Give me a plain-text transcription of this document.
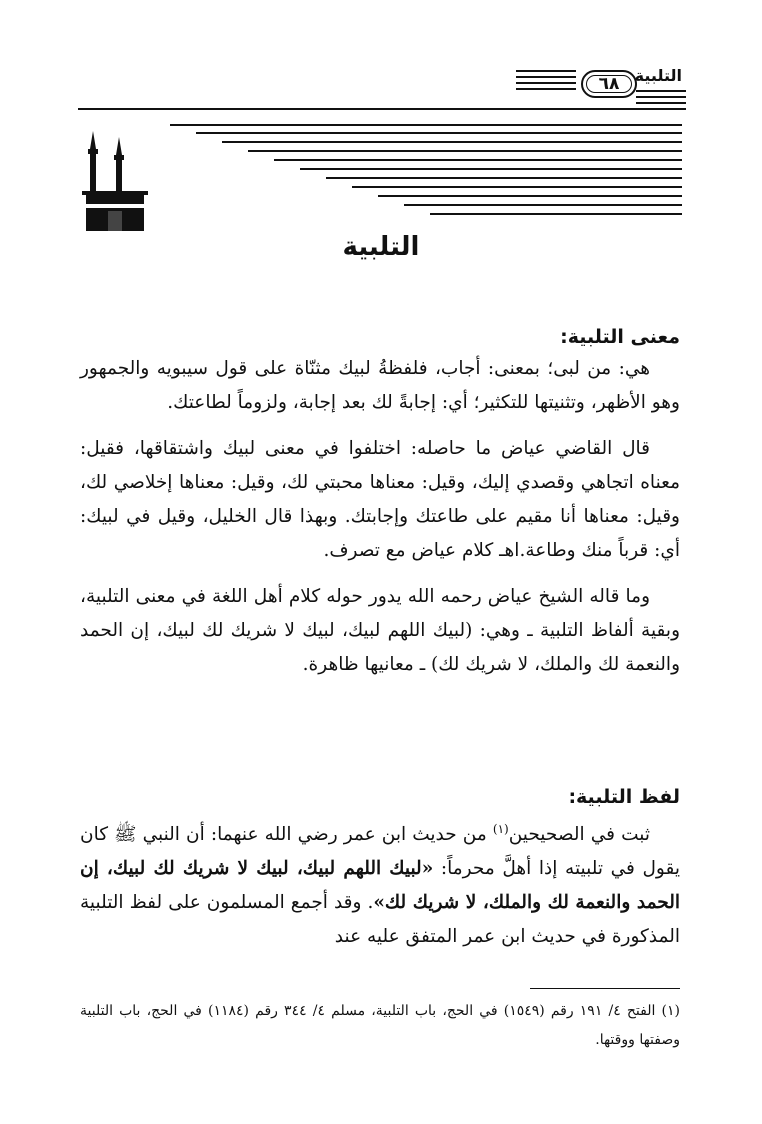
التلبية
٦٨
التلبية
معنى التلبية:
هي: من لبى؛ بمعنى: أجاب، فلفظةُ لبيك مثنّاة على قول سيبويه والجمهور وهو الأظهر، وتثنيتها للتكثير؛ أي: إجابةً لك بعد إجابة، ولزوماً لطاعتك.
قال القاضي عياض ما حاصله: اختلفوا في معنى لبيك واشتقاقها، فقيل: معناه اتجاهي وقصدي إليك، وقيل: معناها محبتي لك، وقيل: معناها إخلاصي لك، وقيل: معناها أنا مقيم على طاعتك وإجابتك. وبهذا قال الخليل، وقيل في لبيك: أي: قرباً منك وطاعة.اهـ كلام عياض مع تصرف.
وما قاله الشيخ عياض رحمه الله يدور حوله كلام أهل اللغة في معنى التلبية، وبقية ألفاظ التلبية ـ وهي: (لبيك اللهم لبيك، لبيك لا شريك لك لبيك، إن الحمد والنعمة لك والملك، لا شريك لك) ـ معانيها ظاهرة.
لفظ التلبية:
ثبت في الصحيحين$^{(١)}$ من حديث ابن عمر رضي الله عنهما: أن النبي ﷺ كان يقول في تلبيته إذا أهلَّ محرماً: «لبيك اللهم لبيك، لبيك لا شريك لك لبيك، إن الحمد والنعمة لك والملك، لا شريك لك». وقد أجمع المسلمون على لفظ التلبية المذكورة في حديث ابن عمر المتفق عليه عند
(١) الفتح ٤/ ١٩١ رقم (١٥٤٩) في الحج، باب التلبية، مسلم ٤/ ٣٤٤ رقم (١١٨٤) في الحج، باب التلبية وصفتها ووقتها.
